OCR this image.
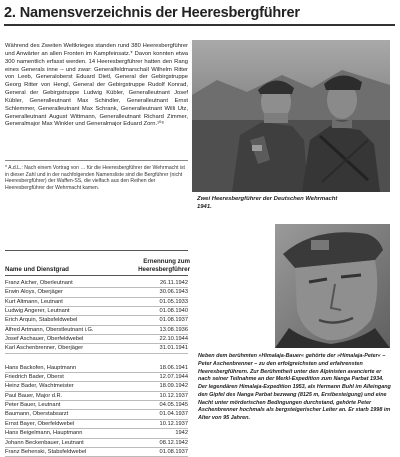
2. Namensverzeichnis der Heeresbergführer
Während des Zweiten Weltkrieges standen rund 380 Heeresbergführer und Anwärter an allen Fronten im Kampfeinsatz.* Davon konnten etwa 300 namentlich erfasst werden. 14 Heeresbergführer hatten den Rang eines Generals inne – und zwar: Generalfeldmarschall Wilhelm Ritter von Leeb, Generaloberst Eduard Dietl, General der Gebirgstruppe Georg Ritter von Hengl, General der Gebirgstruppe Rudolf Konrad, General der Gebirgstruppe Ludwig Kübler, Generalleutnant Josef Kübler, Generalleutnant Max Schindler, Generalleutnant Ernst Schlemmer, Generalleutnant Max Schrank, Generalleutnant Willi Utz, Generalleutnant August Wittmann, Generalleutnant Richard Zimmer, Generalmajor Max Winkler und Generalmajor Eduard Zorn.¹⁰⁸
* A.d.L.: Nach einem Vortrag von … für die Heeresbergführer der Wehrmacht ist in dieser Zahl und in der nachfolgenden Namensliste sind die Bergführer (nicht Heeresbergführer) der Waffen-SS, die vielfach aus den Reihen der Heeresbergführer der Wehrmacht kamen.
Name und Dienstgrad
Ernennung zum
Heeresbergführer
Franz Aicher, Oberleutnant	26.11.1942
Erwin Aloys, Oberjäger	30.06.1943
Kurt Altmann, Leutnant	01.05.1933
Ludwig Angerer, Leutnant	01.08.1940
Erich Arquin, Stabsfeldwebel	01.08.1937
Alfred Artmann, Oberstleutnant i.G.	13.08.1936
Josef Aschauer, Oberfeldwebel	22.10.1944
Karl Aschenbrenner, Oberjäger	31.01.1941
Hans Backofen, Hauptmann	18.06.1941
Friedrich Bader, Oberst	12.07.1944
Heinz Bader, Wachtmeister	18.09.1942
Paul Bauer, Major d.R.	10.12.1937
Peter Bauer, Leutnant	04.05.1945
Baumann, Oberstabsarzt	01.04.1937
Ernst Bayer, Oberfeldwebel	10.12.1937
Hans Beigelmann, Hauptmann	1942
Johann Beckenbauer, Leutnant	08.12.1942
Franz Behenski, Stabsfeldwebel	01.08.1937
Zwei Heeresbergführer der Deutschen Wehrmacht 1941.
Neben dem berühmten »Himalaja-Bauer« gehörte der »Himalaja-Peter« – Peter Aschenbrenner – zu den erfolgreichsten und erfahrensten Heeresbergführern. Zur Berühmtheit unter den Alpinisten avancierte er nach seiner Teilnahme an der Merkl-Expedition zum Nanga Parbat 1934. Der legendären Himalaja-Expedition 1953, als Hermann Buhl im Alleingang den Gipfel des Nanga Parbat bezwang (8125 m, Erstbesteigung) und eine Nacht unter mörderischen Bedingungen durchstand, gehörte Peter Aschenbrenner hochmals als bergsteigerischer Leiter an. Er starb 1998 im Alter von 95 Jahren.
